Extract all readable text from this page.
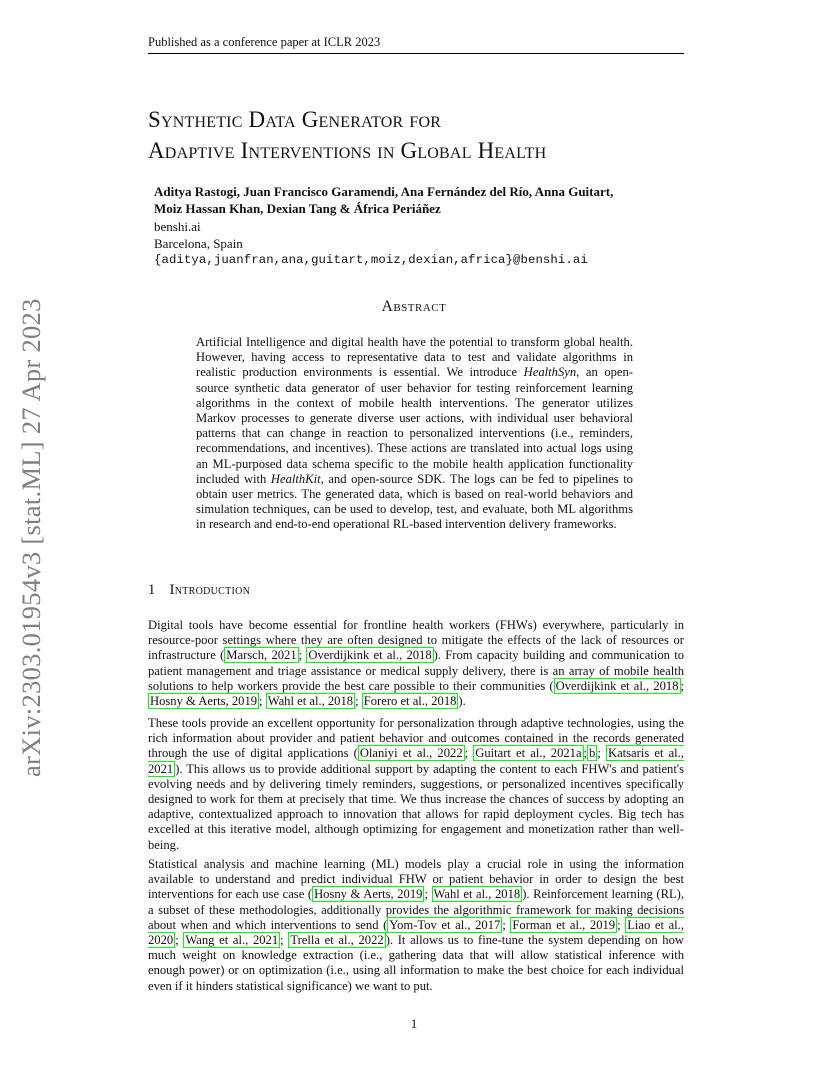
Published as a conference paper at ICLR 2023
Synthetic Data Generator for
Adaptive Interventions in Global Health
Aditya Rastogi, Juan Francisco Garamendi, Ana Fernández del Río, Anna Guitart,
Moiz Hassan Khan, Dexian Tang & África Periáñez
benshi.ai
Barcelona, Spain
{aditya,juanfran,ana,guitart,moiz,dexian,africa}@benshi.ai
arXiv:2303.01954v3 [stat.ML] 27 Apr 2023	Abstract
Artificial Intelligence and digital health have the potential to transform global health. However, having access to representative data to test and validate algorithms in realistic production environments is essential. We introduce HealthSyn, an open-source synthetic data generator of user behavior for testing reinforcement learning algorithms in the context of mobile health interventions. The generator utilizes Markov processes to generate diverse user actions, with individual user behavioral patterns that can change in reaction to personalized interventions (i.e., reminders, recommendations, and incentives). These actions are translated into actual logs using an ML-purposed data schema specific to the mobile health application functionality included with HealthKit, and open-source SDK. The logs can be fed to pipelines to obtain user metrics. The generated data, which is based on real-world behaviors and simulation techniques, can be used to develop, test, and evaluate, both ML algorithms in research and end-to-end operational RL-based intervention delivery frameworks.
1 Introduction
Digital tools have become essential for frontline health workers (FHWs) everywhere, particularly in resource-poor settings where they are often designed to mitigate the effects of the lack of resources or infrastructure ( Marsch, 2021 ; Overdijkink et al., 2018 ). From capacity building and communication to patient management and triage assistance or medical supply delivery, there is an array of mobile health solutions to help workers provide the best care possible to their communities ( Overdijkink et al., 2018 ; Hosny & Aerts, 2019 ; Wahl et al., 2018 ; Forero et al., 2018 ).
These tools provide an excellent opportunity for personalization through adaptive technologies, using the rich information about provider and patient behavior and outcomes contained in the records generated through the use of digital applications ( Olaniyi et al., 2022 ; Guitart et al., 2021a ; b ; Katsaris et al., 2021 ). This allows us to provide additional support by adapting the content to each FHW's and patient's evolving needs and by delivering timely reminders, suggestions, or personalized incentives specifically designed to work for them at precisely that time. We thus increase the chances of success by adopting an adaptive, contextualized approach to innovation that allows for rapid deployment cycles. Big tech has excelled at this iterative model, although optimizing for engagement and monetization rather than well-being.
Statistical analysis and machine learning (ML) models play a crucial role in using the information available to understand and predict individual FHW or patient behavior in order to design the best interventions for each use case ( Hosny & Aerts, 2019 ; Wahl et al., 2018 ). Reinforcement learning (RL), a subset of these methodologies, additionally provides the algorithmic framework for making decisions about when and which interventions to send ( Yom-Tov et al., 2017 ; Forman et al., 2019 ; Liao et al., 2020 ; Wang et al., 2021 ; Trella et al., 2022 ). It allows us to fine-tune the system depending on how much weight on knowledge extraction (i.e., gathering data that will allow statistical inference with enough power) or on optimization (i.e., using all information to make the best choice for each individual even if it hinders statistical significance) we want to put.
1
